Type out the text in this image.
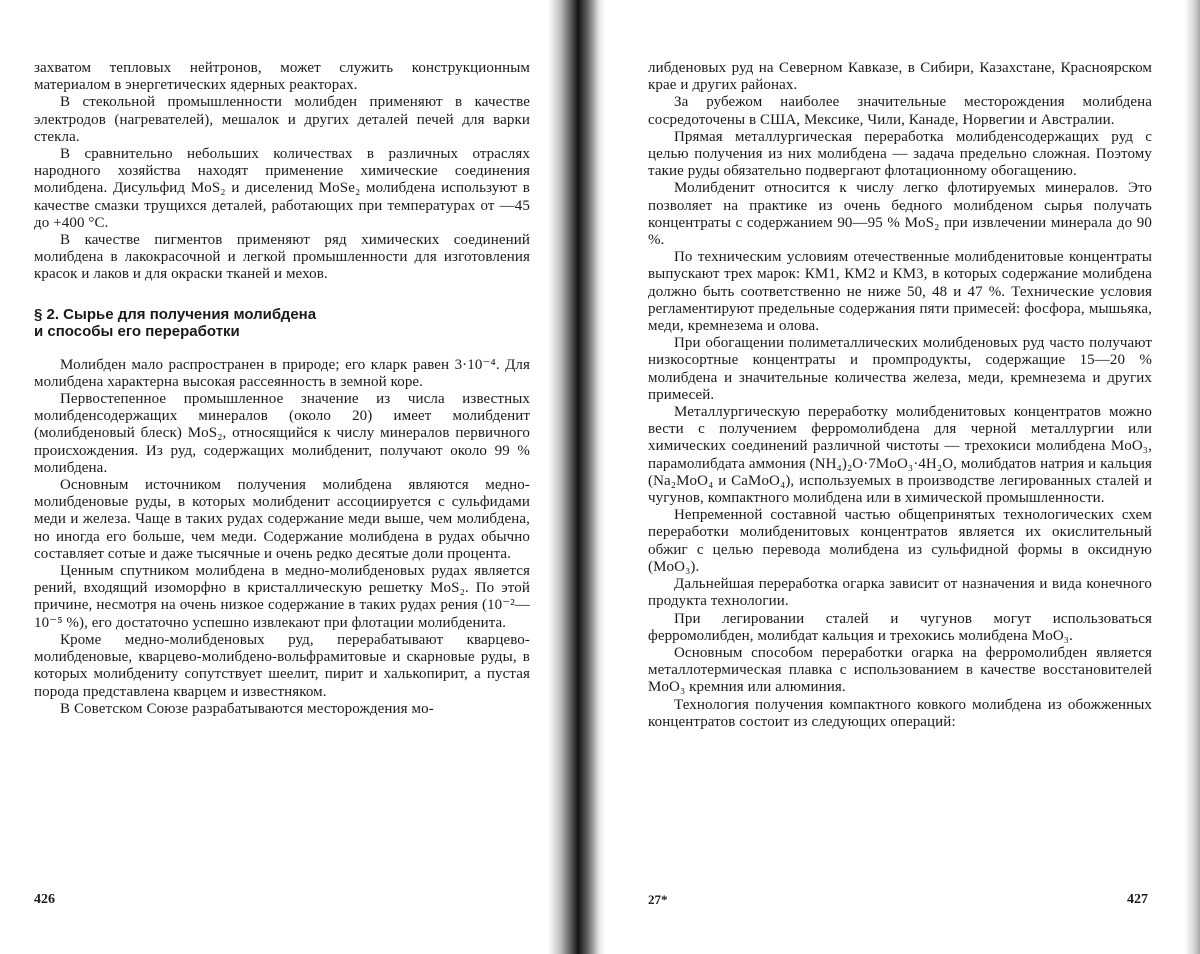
захватом тепловых нейтронов, может служить конструкционным материалом в энергетических ядерных реакторах.

В стекольной промышленности молибден применяют в качестве электродов (нагревателей), мешалок и других деталей печей для варки стекла.

В сравнительно небольших количествах в различных отраслях народного хозяйства находят применение химические соединения молибдена. Дисульфид MoS₂ и диселенид MoSe₂ молибдена используют в качестве смазки трущихся деталей, работающих при температурах от —45 до +400 °С.

В качестве пигментов применяют ряд химических соединений молибдена в лакокрасочной и легкой промышленности для изготовления красок и лаков и для окраски тканей и мехов.

§ 2. Сырье для получения молибдена
и способы его переработки

Молибден мало распространен в природе; его кларк равен 3·10⁻⁴. Для молибдена характерна высокая рассеянность в земной коре.

Первостепенное промышленное значение из числа известных молибденсодержащих минералов (около 20) имеет молибденит (молибденовый блеск) MoS₂, относящийся к числу минералов первичного происхождения. Из руд, содержащих молибденит, получают около 99 % молибдена.

Основным источником получения молибдена являются медно-молибденовые руды, в которых молибденит ассоциируется с сульфидами меди и железа. Чаще в таких рудах содержание меди выше, чем молибдена, но иногда его больше, чем меди. Содержание молибдена в рудах обычно составляет сотые и даже тысячные и очень редко десятые доли процента.

Ценным спутником молибдена в медно-молибденовых рудах является рений, входящий изоморфно в кристаллическую решетку MoS₂. По этой причине, несмотря на очень низкое содержание в таких рудах рения (10⁻²—10⁻⁵ %), его достаточно успешно извлекают при флотации молибденита.

Кроме медно-молибденовых руд, перерабатывают кварцево-молибденовые, кварцево-молибдено-вольфрамитовые и скарновые руды, в которых молибдениту сопутствует шеелит, пирит и халькопирит, а пустая порода представлена кварцем и известняком.

В Советском Союзе разрабатываются месторождения мо-

426

либденовых руд на Северном Кавказе, в Сибири, Казахстане, Красноярском крае и других районах.

За рубежом наиболее значительные месторождения молибдена сосредоточены в США, Мексике, Чили, Канаде, Норвегии и Австралии.

Прямая металлургическая переработка молибденсодержащих руд с целью получения из них молибдена — задача предельно сложная. Поэтому такие руды обязательно подвергают флотационному обогащению.

Молибденит относится к числу легко флотируемых минералов. Это позволяет на практике из очень бедного молибденом сырья получать концентраты с содержанием 90—95 % MoS₂ при извлечении минерала до 90 %.

По техническим условиям отечественные молибденитовые концентраты выпускают трех марок: КМ1, КМ2 и КМ3, в которых содержание молибдена должно быть соответственно не ниже 50, 48 и 47 %. Технические условия регламентируют предельные содержания пяти примесей: фосфора, мышьяка, меди, кремнезема и олова.

При обогащении полиметаллических молибденовых руд часто получают низкосортные концентраты и промпродукты, содержащие 15—20 % молибдена и значительные количества железа, меди, кремнезема и других примесей.

Металлургическую переработку молибденитовых концентратов можно вести с получением ферромолибдена для черной металлургии или химических соединений различной чистоты — трехокиси молибдена MoO₃, парамолибдата аммония (NH₄)₂O·7MoO₃·4H₂O, молибдатов натрия и кальция (Na₂MoO₄ и CaMoO₄), используемых в производстве легированных сталей и чугунов, компактного молибдена или в химической промышленности.

Непременной составной частью общепринятых технологических схем переработки молибденитовых концентратов является их окислительный обжиг с целью перевода молибдена из сульфидной формы в оксидную (MoO₃).

Дальнейшая переработка огарка зависит от назначения и вида конечного продукта технологии.

При легировании сталей и чугунов могут использоваться ферромолибден, молибдат кальция и трехокись молибдена MoO₃.

Основным способом переработки огарка на ферромолибден является металлотермическая плавка с использованием в качестве восстановителей MoO₃ кремния или алюминия.

Технология получения компактного ковкого молибдена из обожженных концентратов состоит из следующих операций:

27*	427
